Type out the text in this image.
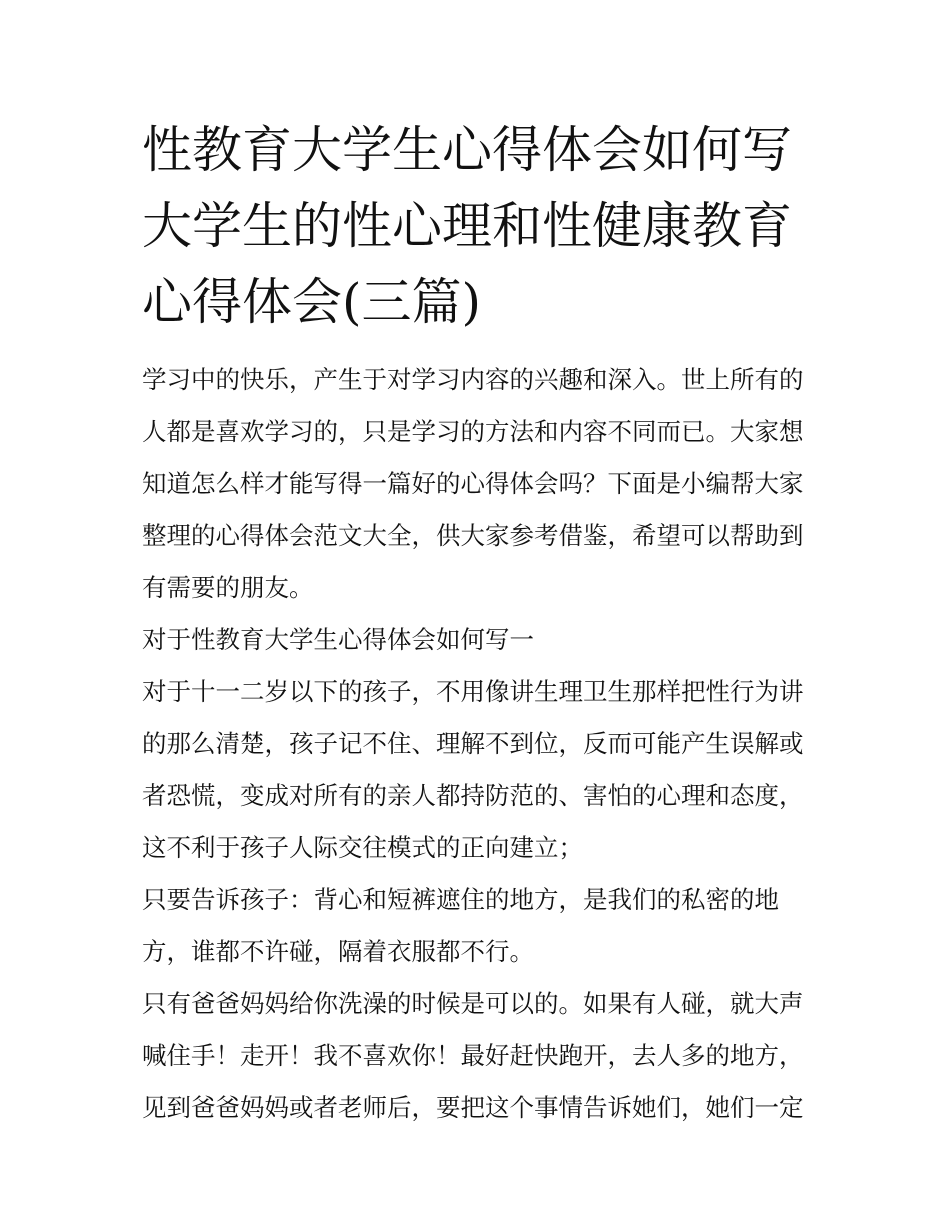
性教育大学生心得体会如何写
大学生的性心理和性健康教育
心得体会(三篇)

学习中的快乐，产生于对学习内容的兴趣和深入。世上所有的
人都是喜欢学习的，只是学习的方法和内容不同而已。大家想
知道怎么样才能写得一篇好的心得体会吗？下面是小编帮大家
整理的心得体会范文大全，供大家参考借鉴，希望可以帮助到
有需要的朋友。

对于性教育大学生心得体会如何写一

对于十一二岁以下的孩子，不用像讲生理卫生那样把性行为讲
的那么清楚，孩子记不住、理解不到位，反而可能产生误解或
者恐慌，变成对所有的亲人都持防范的、害怕的心理和态度，
这不利于孩子人际交往模式的正向建立；

只要告诉孩子：背心和短裤遮住的地方，是我们的私密的地
方，谁都不许碰，隔着衣服都不行。

只有爸爸妈妈给你洗澡的时候是可以的。如果有人碰，就大声
喊住手！走开！我不喜欢你！最好赶快跑开，去人多的地方，
见到爸爸妈妈或者老师后，要把这个事情告诉她们，她们一定
